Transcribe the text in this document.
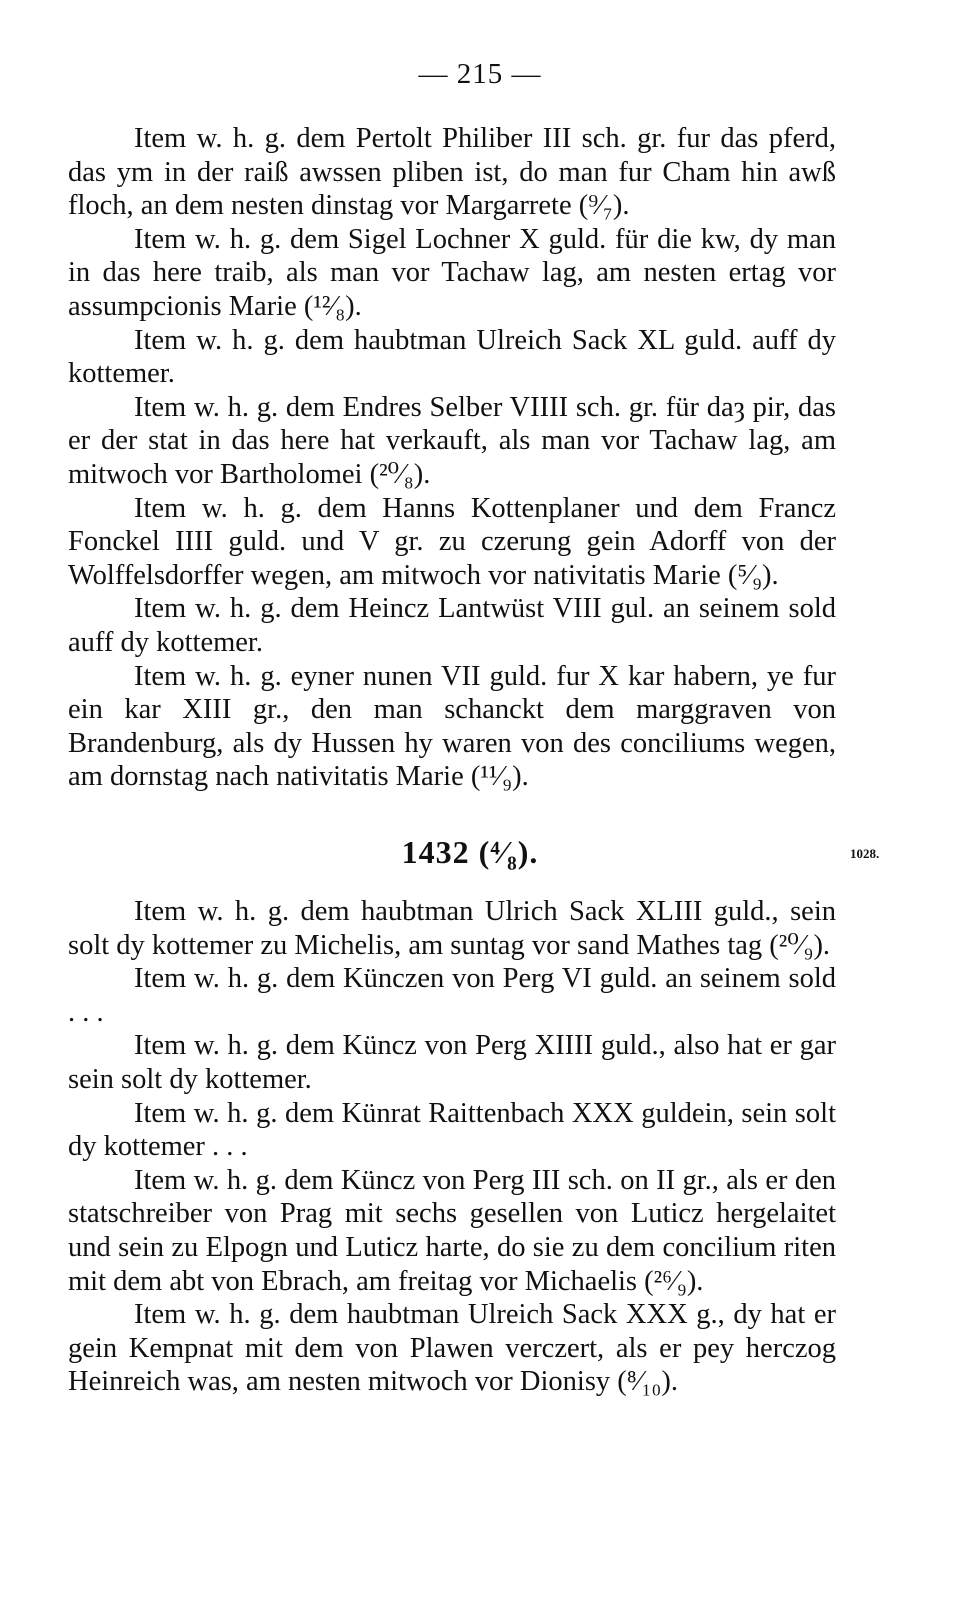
— 215 —

Item w. h. g. dem Pertolt Philiber III sch. gr. fur das pferd, das ym in der raiß awssen pliben ist, do man fur Cham hin awß floch, an dem nesten dinstag vor Margarrete (⁹⁄₇).

Item w. h. g. dem Sigel Lochner X guld. für die kw, dy man in das here traib, als man vor Tachaw lag, am nesten ertag vor assumpcionis Marie (¹²⁄₈).

Item w. h. g. dem haubtman Ulreich Sack XL guld. auff dy kottemer.

Item w. h. g. dem Endres Selber VIIII sch. gr. für daȝ pir, das er der stat in das here hat verkauft, als man vor Tachaw lag, am mitwoch vor Bartholomei (²⁰⁄₈).

Item w. h. g. dem Hanns Kottenplaner und dem Francz Fonckel IIII guld. und V gr. zu czerung gein Adorff von der Wolffelsdorffer wegen, am mitwoch vor nativitatis Marie (⁵⁄₉).

Item w. h. g. dem Heincz Lantwüst VIII gul. an seinem sold auff dy kottemer.

Item w. h. g. eyner nunen VII guld. fur X kar habern, ye fur ein kar XIII gr., den man schanckt dem marggraven von Brandenburg, als dy Hussen hy waren von des conciliums wegen, am dornstag nach nativitatis Marie (¹¹⁄₉).

1432 (⁴⁄₈).	1028.

Item w. h. g. dem haubtman Ulrich Sack XLIII guld., sein solt dy kottemer zu Michelis, am suntag vor sand Mathes tag (²⁰⁄₉).

Item w. h. g. dem Künczen von Perg VI guld. an seinem sold . . .

Item w. h. g. dem Küncz von Perg XIIII guld., also hat er gar sein solt dy kottemer.

Item w. h. g. dem Künrat Raittenbach XXX guldein, sein solt dy kottemer . . .

Item w. h. g. dem Küncz von Perg III sch. on II gr., als er den statschreiber von Prag mit sechs gesellen von Luticz hergelaitet und sein zu Elpogn und Luticz harte, do sie zu dem concilium riten mit dem abt von Ebrach, am freitag vor Michaelis (²⁶⁄₉).

Item w. h. g. dem haubtman Ulreich Sack XXX g., dy hat er gein Kempnat mit dem von Plawen verczert, als er pey herczog Heinreich was, am nesten mitwoch vor Dionisy (⁸⁄₁₀).
